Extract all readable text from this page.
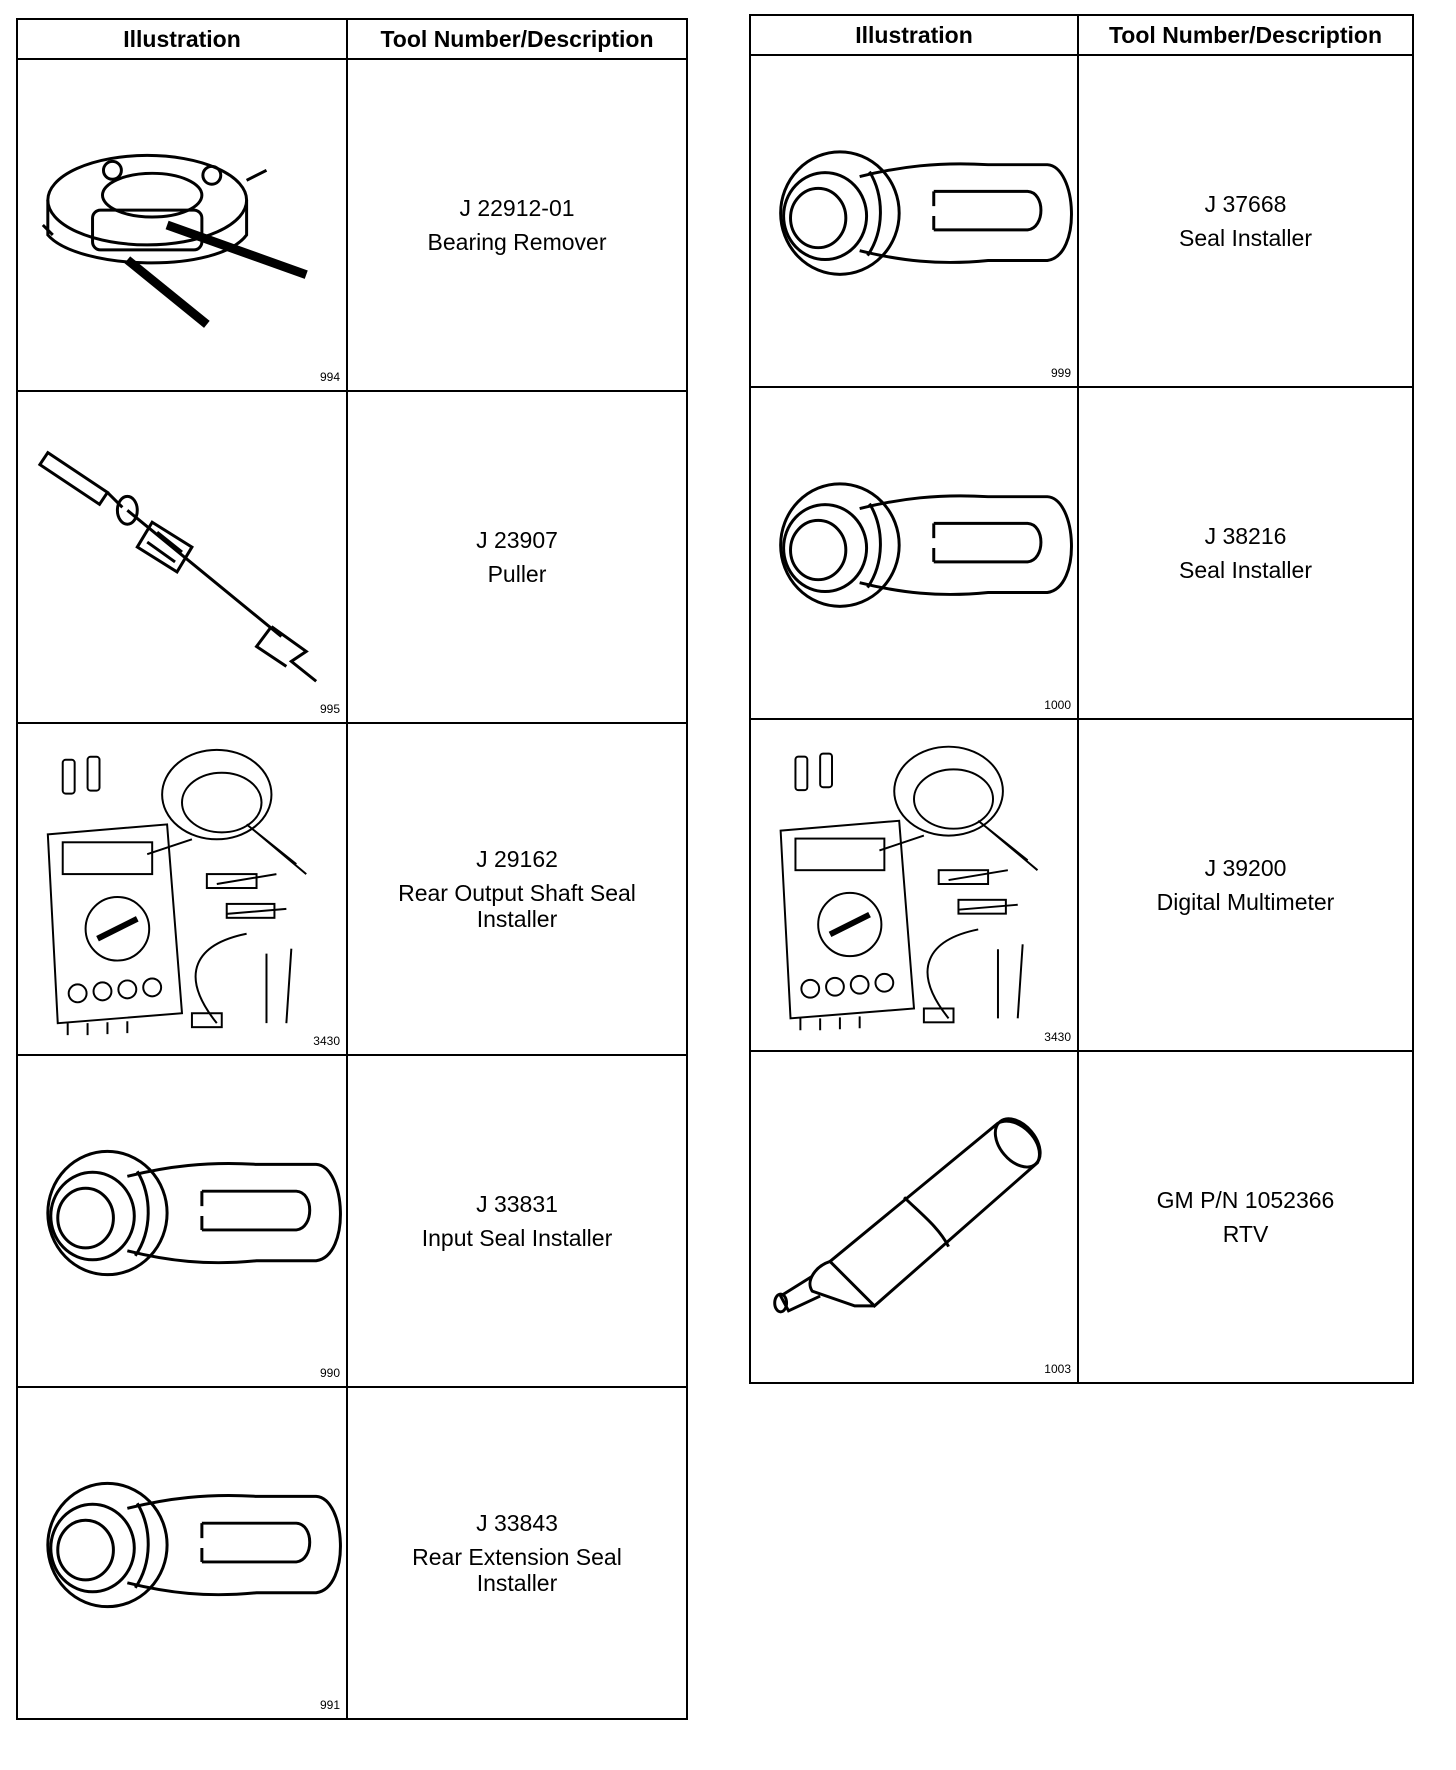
Illustration	Tool Number/Description

994	J 22912-01
Bearing Remover

995	J 23907
Puller

3430	J 29162
Rear Output Shaft Seal Installer

990	J 33831
Input Seal Installer

991	J 33843
Rear Extension Seal Installer
Illustration	Tool Number/Description

999	J 37668
Seal Installer

1000	J 38216
Seal Installer

3430	J 39200
Digital Multimeter

1003	GM P/N 1052366
RTV
